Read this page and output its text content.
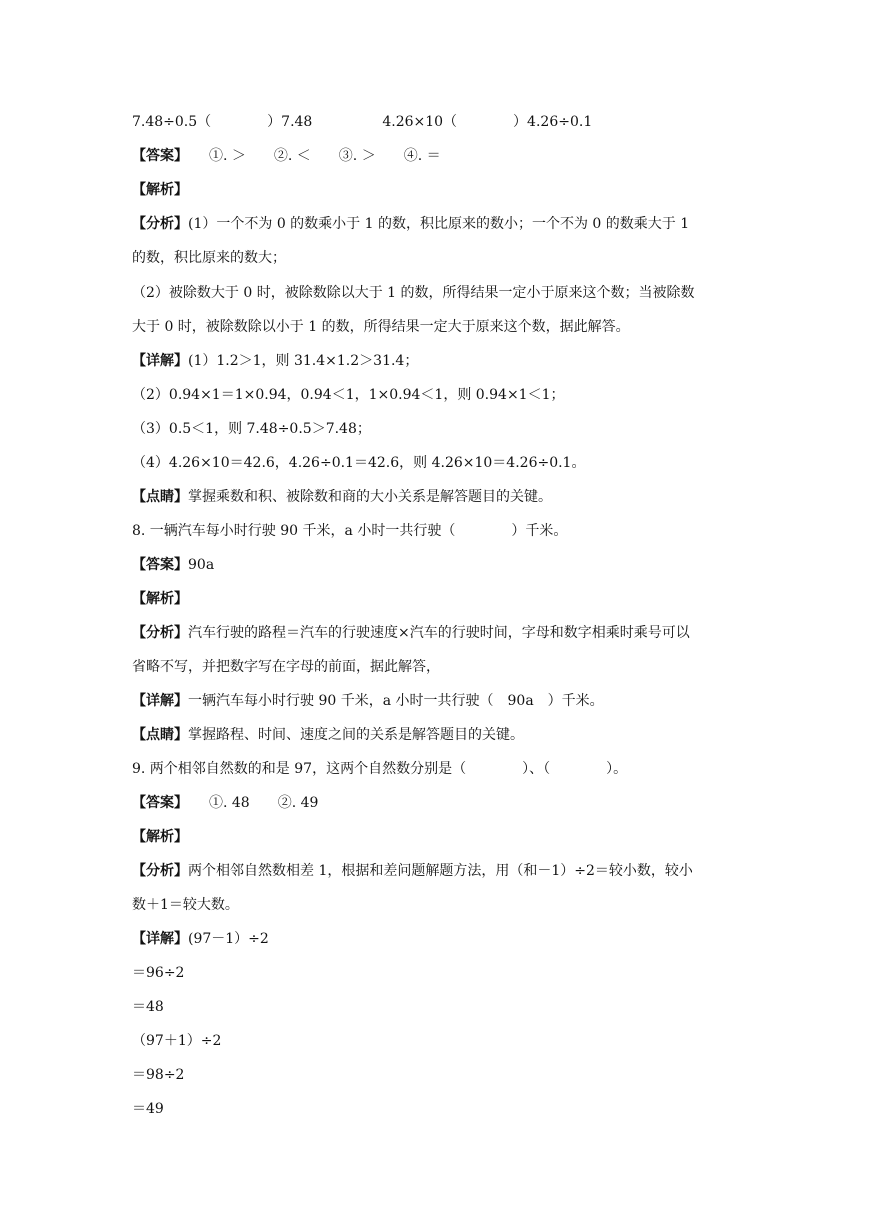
7.48÷0.5（　　　　）7.48　　　　　4.26×10（　　　　）4.26÷0.1
【答案】　　①. ＞　　②. ＜　　③. ＞　　④. ＝
【解析】
【分析】(1）一个不为 0 的数乘小于 1 的数，积比原来的数小；一个不为 0 的数乘大于 1
的数，积比原来的数大；
（2）被除数大于 0 时，被除数除以大于 1 的数，所得结果一定小于原来这个数；当被除数
大于 0 时，被除数除以小于 1 的数，所得结果一定大于原来这个数，据此解答。
【详解】(1）1.2＞1，则 31.4×1.2＞31.4；
（2）0.94×1＝1×0.94，0.94＜1，1×0.94＜1，则 0.94×1＜1；
（3）0.5＜1，则 7.48÷0.5＞7.48；
（4）4.26×10＝42.6，4.26÷0.1＝42.6，则 4.26×10＝4.26÷0.1。
【点睛】掌握乘数和积、被除数和商的大小关系是解答题目的关键。
8. 一辆汽车每小时行驶 90 千米，a 小时一共行驶（　　　　）千米。
【答案】90a
【解析】
【分析】汽车行驶的路程＝汽车的行驶速度×汽车的行驶时间，字母和数字相乘时乘号可以
省略不写，并把数字写在字母的前面，据此解答，
【详解】一辆汽车每小时行驶 90 千米，a 小时一共行驶（　90a　）千米。
【点睛】掌握路程、时间、速度之间的关系是解答题目的关键。
9. 两个相邻自然数的和是 97，这两个自然数分别是（　　　　）、（　　　　）。
【答案】　　①. 48　　②. 49
【解析】
【分析】两个相邻自然数相差 1，根据和差问题解题方法，用（和－1）÷2＝较小数，较小
数＋1＝较大数。
【详解】(97－1）÷2
＝96÷2
＝48
（97＋1）÷2
＝98÷2
＝49
